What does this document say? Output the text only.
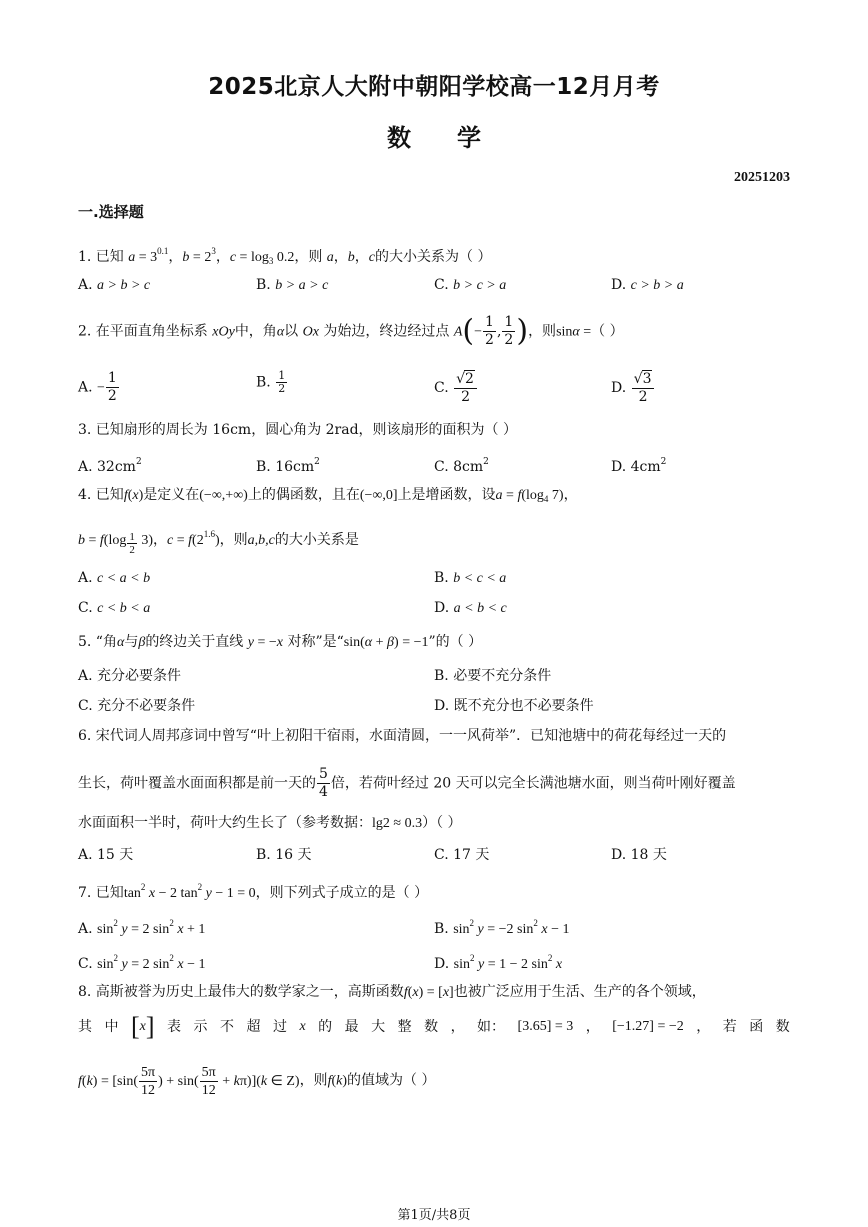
2025北京人大附中朝阳学校高一12月月考
数学
20251203
一.选择题
1. 已知 $a = 3^{0.1}$，$b = 2^3$，$c = \log_3 0.2$，则 a，b，c的大小关系为（ ）
A. a > b > c	B. b > a > c	C. b > c > a	D. c > b > a
2. 在平面直角坐标系 xOy中，角α以 Ox 为始边，终边经过点 $A(- \frac{1}{2}$ , $\frac{1}{2}$ )，则sinα =（ ）
A. − $\frac{1}{2}$	B. $\frac{1}{2}$	C. $\frac{√2}{2}$	D. $\frac{√3}{2}$
3. 已知扇形的周长为 16cm，圆心角为 2rad，则该扇形的面积为（ ）
A. $32cm^2$	B. $16cm^2$	C. $8cm^2$	D. $4cm^2$
4. 已知f(x)是定义在(−∞,+∞)上的偶函数，且在(−∞,0]上是增函数，设$a = f(\log_4$ 7)，
b = f(log $_{\frac{1}{2}}$ 3)，$c = f(2^{1.6})$，则a,b,c的大小关系是
A. c < a < b	B. b < c < a
C. c < b < a	D. a < b < c
5. “角α与β的终边关于直线 y = −x 对称”是“sin(α + β) = −1”的（ ）
A. 充分必要条件	B. 必要不充分条件
C. 充分不必要条件	D. 既不充分也不必要条件
6. 宋代词人周邦彦词中曾写“叶上初阳干宿雨，水面清圆，一一风荷举”．已知池塘中的荷花每经过一天的
生长，荷叶覆盖水面面积都是前一天的 $\frac{5}{4}$ 倍，若荷叶经过 20 天可以完全长满池塘水面，则当荷叶刚好覆盖
水面面积一半时，荷叶大约生长了（参考数据：lg2 ≈ 0.3）（ ）
A. 15 天	B. 16 天	C. 17 天	D. 18 天
7. 已知$\tan^2 x - 2$ $\tan^2 y - 1 = 0$，则下列式子成立的是（ ）
A. $\sin^2 y = 2$ $\sin^2 x + 1$	B. $\sin^2 y = -2$ $\sin^2 x - 1$
C. $\sin^2 y = 2$ $\sin^2 x - 1$	D. $\sin^2 y = 1 - 2$ $\sin^2 x$
8. 高斯被誉为历史上最伟大的数学家之一，高斯函数f(x) = [x]也被广泛应用于生活、生产的各个领域，
其 中 [x] 表 示 不 超 过 x 的 最 大 整 数 ， 如： [3.65] = 3 ， [−1.27] = −2 ， 若 函 数
$f(k) = [\sin( \frac{5\pi}{12}$ ) + $\sin( \frac{5\pi}{12} + k\pi)](k$ ∈ Z)，则f(k)的值域为（ ）
第1页/共8页
